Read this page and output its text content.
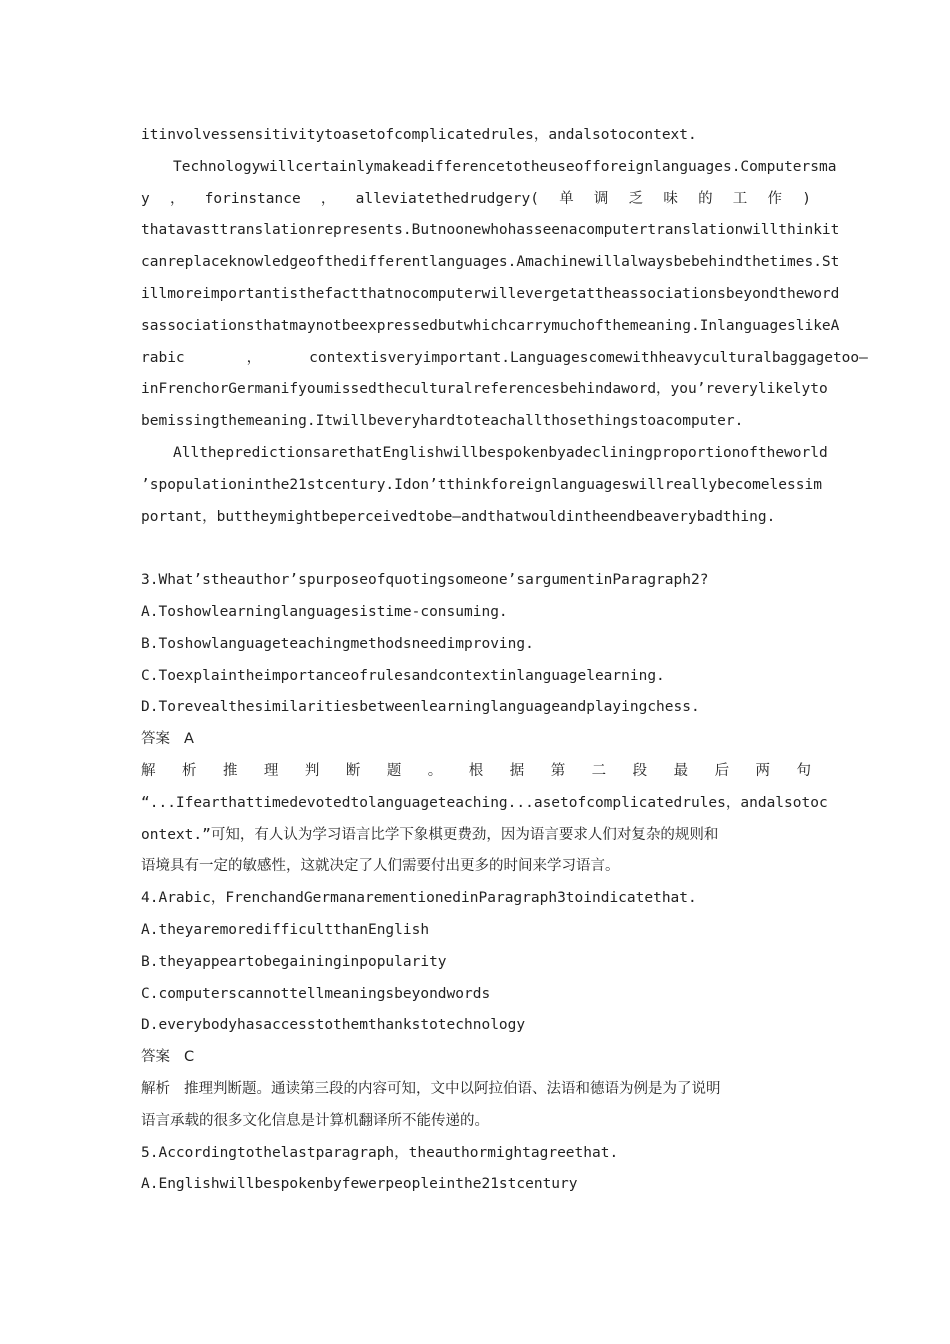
itinvolvessensitivitytoasetofcomplicatedrules，andalsotocontext.
Technologywillcertainlymakeadifferencetotheuseofforeignlanguages.Computersma
y ， forinstance ， alleviatethedrudgery( 单 调 乏 味 的 工 作 )
thatavasttranslationrepresents.Butnoonewhohasseenacomputertranslationwillthinkit
canreplaceknowledgeofthedifferentlanguages.Amachinewillalwaysbebehindthetimes.St
illmoreimportantisthefactthatnocomputerwillevergetattheassociationsbeyondtheword
sassociationsthatmaynotbeexpressedbutwhichcarrymuchofthemeaning.InlanguageslikeA
rabic	，	contextisveryimportant.Languagescomewithheavyculturalbaggagetoo—
inFrenchorGermanifyoumissedtheculturalreferencesbehindaword，you’reverylikelyto
bemissingthemeaning.Itwillbeveryhardtoteachallthosethingstoacomputer.
AllthepredictionsarethatEnglishwillbespokenbyadecliningproportionoftheworld
’spopulationinthe21stcentury.Idon’tthinkforeignlanguageswillreallybecomelessim
portant，buttheymightbeperceivedtobe—andthatwouldintheendbeaverybadthing.
3.What’stheauthor’spurposeofquotingsomeone’sargumentinParagraph2?
A.Toshowlearninglanguagesistime-consuming.
B.Toshowlanguageteachingmethodsneedimproving.
C.Toexplaintheimportanceofrulesandcontextinlanguagelearning.
D.Torevealthesimilaritiesbetweenlearninglanguageandplayingchess.
答案 A
解 析 推 理 判 断 题 。 根 据 第 二 段 最 后 两 句
“...Ifearthattimedevotedtolanguageteaching...asetofcomplicatedrules，andalsotoc
ontext.”可知，有人认为学习语言比学下象棋更费劲，因为语言要求人们对复杂的规则和
语境具有一定的敏感性，这就决定了人们需要付出更多的时间来学习语言。
4.Arabic，FrenchandGermanarementionedinParagraph3toindicatethat.
A.theyaremoredifficultthanEnglish
B.theyappeartobegaininginpopularity
C.computerscannottellmeaningsbeyondwords
D.everybodyhasaccesstothemthankstotechnology
答案 C
解析 推理判断题。通读第三段的内容可知，文中以阿拉伯语、法语和德语为例是为了说明
语言承载的很多文化信息是计算机翻译所不能传递的。
5.Accordingtothelastparagraph，theauthormightagreethat.
A.Englishwillbespokenbyfewerpeopleinthe21stcentury
